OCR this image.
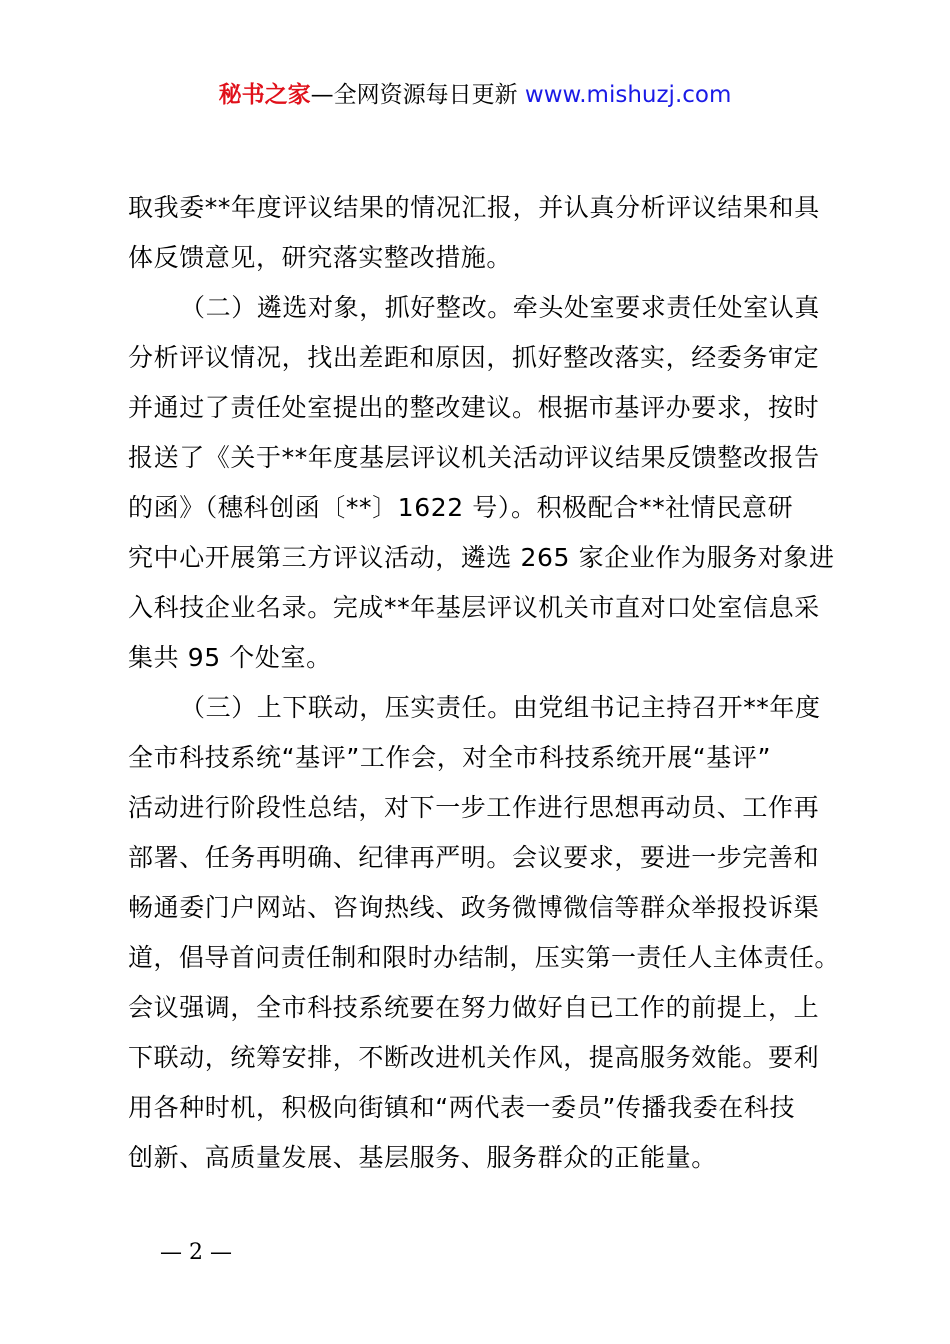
秘书之家—全网资源每日更新 www.mishuzj.com
取我委**年度评议结果的情况汇报，并认真分析评议结果和具
体反馈意见，研究落实整改措施。
（二）遴选对象，抓好整改。牵头处室要求责任处室认真
分析评议情况，找出差距和原因，抓好整改落实，经委务审定
并通过了责任处室提出的整改建议。根据市基评办要求，按时
报送了《关于**年度基层评议机关活动评议结果反馈整改报告
的函》（穗科创函〔**〕1622 号）。积极配合**社情民意研
究中心开展第三方评议活动，遴选 265 家企业作为服务对象进
入科技企业名录。完成**年基层评议机关市直对口处室信息采
集共 95 个处室。
（三）上下联动，压实责任。由党组书记主持召开**年度
全市科技系统“基评”工作会，对全市科技系统开展“基评”
活动进行阶段性总结，对下一步工作进行思想再动员、工作再
部署、任务再明确、纪律再严明。会议要求，要进一步完善和
畅通委门户网站、咨询热线、政务微博微信等群众举报投诉渠
道，倡导首问责任制和限时办结制，压实第一责任人主体责任。
会议强调，全市科技系统要在努力做好自已工作的前提上，上
下联动，统筹安排，不断改进机关作风，提高服务效能。要利
用各种时机，积极向街镇和“两代表一委员”传播我委在科技
创新、高质量发展、基层服务、服务群众的正能量。
— 2 —
